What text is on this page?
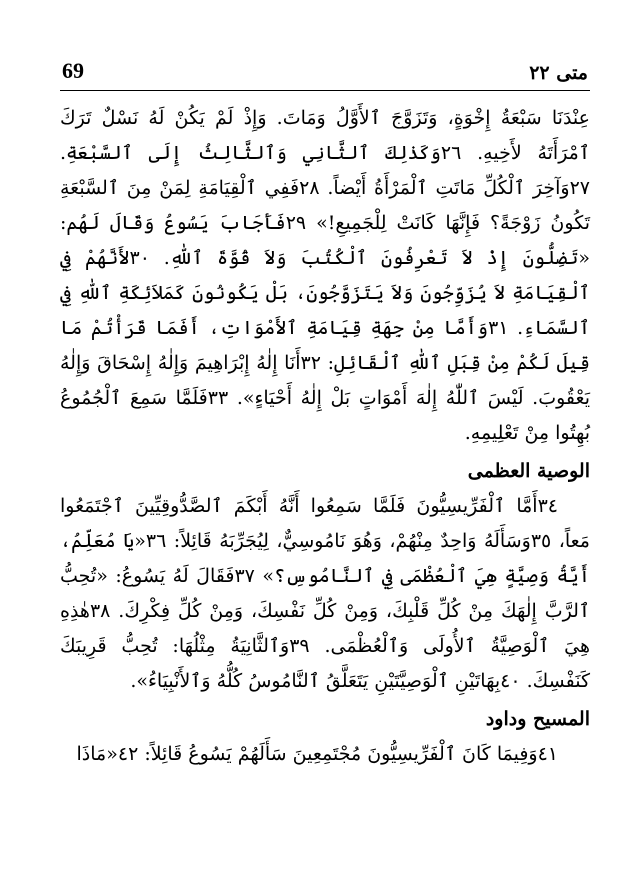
69	متى ٢٢

عِنْدَنَا سَبْعَةُ إِخْوَةٍ، وَتَزَوَّجَ ٱلأَوَّلُ وَمَاتَ. وَإِذْ لَمْ يَكُنْ لَهُ نَسْلٌ تَرَكَ ٱمْرَأَتَهُ لأَخِيهِ. ٢٦وَكَذٰلِكَ ٱلثَّانِي وَٱلثَّالِثُ إِلَى ٱلسَّبْعَةِ. ٢٧وَآخِرَ ٱلْكُلِّ مَاتَتِ ٱلْمَرْأَةُ أَيْضاً. ٢٨فَفِي ٱلْقِيَامَةِ لِمَنْ مِنَ ٱلسَّبْعَةِ تَكُونُ زَوْجَةً؟ فَإِنَّهَا كَانَتْ لِلْجَمِيعِ!» ٢٩فَأَجَابَ يَسُوعُ وَقَالَ لَهُم: «تَضِلُّونَ إِذْ لاَ تَعْرِفُونَ ٱلْكُتُبَ وَلاَ قُوَّةَ ٱللّٰهِ. ٣٠لأَنَّهُمْ فِي ٱلْقِيَامَةِ لاَ يُزَوِّجُونَ وَلاَ يَتَزَوَّجُونَ، بَلْ يَكُونُونَ كَمَلاَئِكَةِ ٱللّٰهِ فِي ٱلسَّمَاءِ. ٣١وَأَمَّا مِنْ جِهَةِ قِيَامَةِ ٱلأَمْوَاتِ، أَفَمَا قَرَأْتُمْ مَا قِيلَ لَكُمْ مِنْ قِبَلِ ٱللّٰهِ ٱلْقَائِلِ: ٣٢أَنَا إِلٰهُ إِبْرَاهِيمَ وَإِلٰهُ إِسْحَاقَ وَإِلٰهُ يَعْقُوبَ. لَيْسَ ٱللّٰهُ إِلٰهَ أَمْوَاتٍ بَلْ إِلٰهُ أَحْيَاءٍ». ٣٣فَلَمَّا سَمِعَ ٱلْجُمُوعُ بُهِتُوا مِنْ تَعْلِيمِهِ.

الوصية العظمى

٣٤أَمَّا ٱلْفَرِّيسِيُّونَ فَلَمَّا سَمِعُوا أَنَّهُ أَبْكَمَ ٱلصَّدُّوقِيِّينَ ٱجْتَمَعُوا مَعاً، ٣٥وَسَأَلَهُ وَاحِدٌ مِنْهُمْ، وَهُوَ نَامُوسِيٌّ، لِيُجَرِّبَهُ قَائِلاً: ٣٦«يَا مُعَلِّمُ، أَيَّةُ وَصِيَّةٍ هِيَ ٱلْعُظْمَى فِي ٱلنَّامُوسِ؟» ٣٧فَقَالَ لَهُ يَسُوعُ: «تُحِبُّ ٱلرَّبَّ إِلٰهَكَ مِنْ كُلِّ قَلْبِكَ، وَمِنْ كُلِّ نَفْسِكَ، وَمِنْ كُلِّ فِكْرِكَ. ٣٨هٰذِهِ هِيَ ٱلْوَصِيَّةُ ٱلأُولَى وَٱلْعُظْمَى. ٣٩وَٱلثَّانِيَةُ مِثْلُهَا: تُحِبُّ قَرِيبَكَ كَنَفْسِكَ. ٤٠بِهَاتَيْنِ ٱلْوَصِيَّتَيْنِ يَتَعَلَّقُ ٱلنَّامُوسُ كُلُّهُ وَٱلأَنْبِيَاءُ».

المسيح وداود

٤١وَفِيمَا كَانَ ٱلْفَرِّيسِيُّونَ مُجْتَمِعِينَ سَأَلَهُمْ يَسُوعُ قَائِلاً: ٤٢«مَاذَا
